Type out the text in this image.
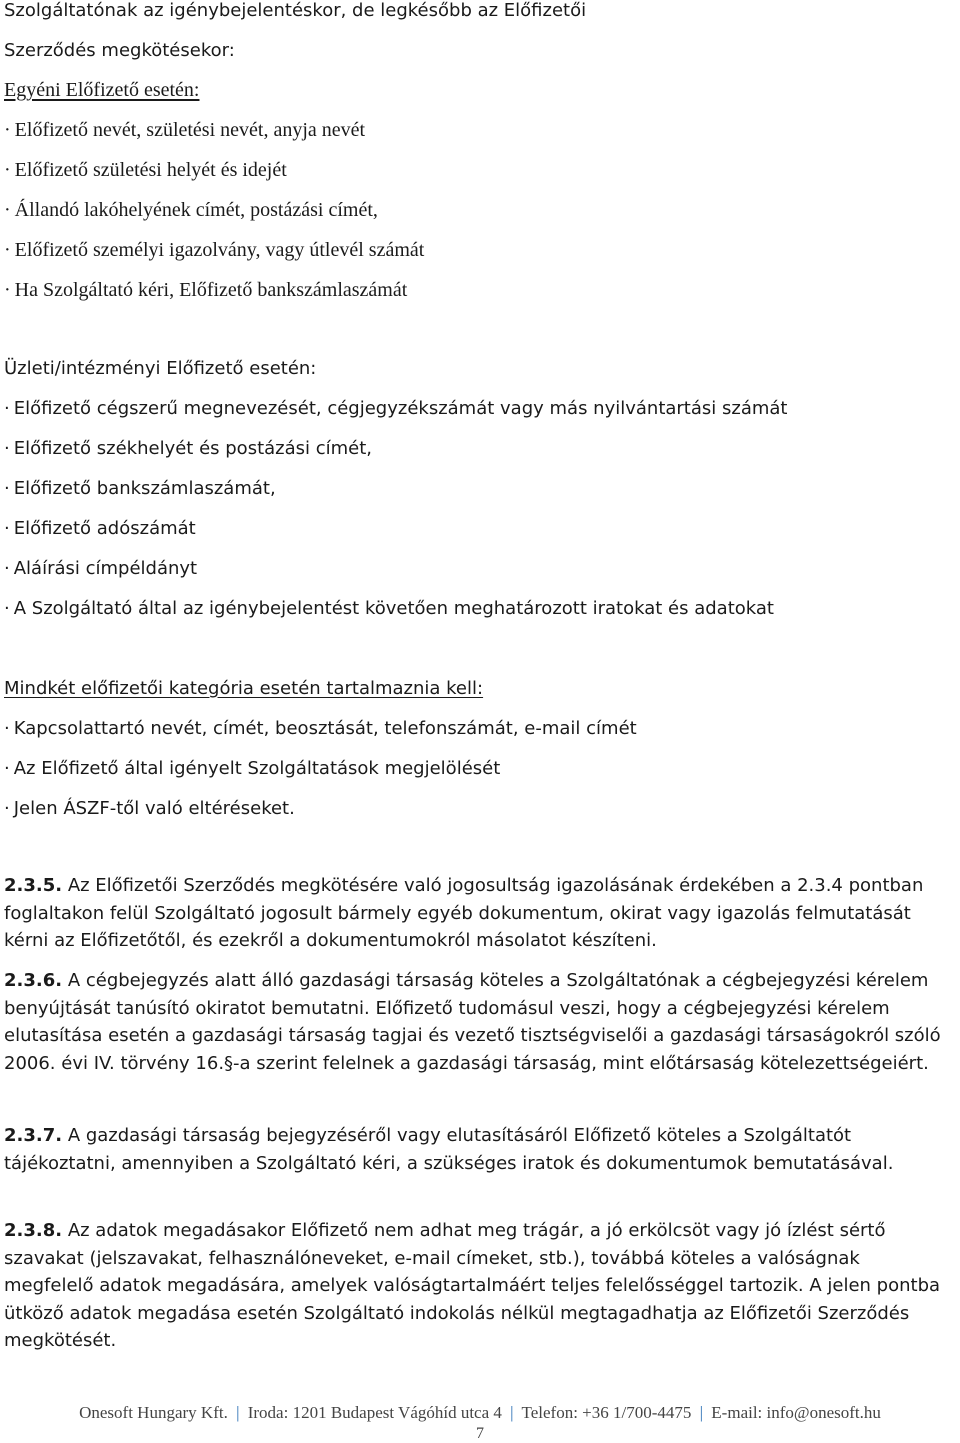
Szolgáltatónak az igénybejelentéskor, de legkésőbb az Előfizetői
Szerződés megkötésekor:
Egyéni Előfizető esetén:
· Előfizető nevét, születési nevét, anyja nevét
· Előfizető születési helyét és idejét
· Állandó lakóhelyének címét, postázási címét,
· Előfizető személyi igazolvány, vagy útlevél számát
· Ha Szolgáltató kéri, Előfizető bankszámlaszámát
Üzleti/intézményi Előfizető esetén:
· Előfizető cégszerű megnevezését, cégjegyzékszámát vagy más nyilvántartási számát
· Előfizető székhelyét és postázási címét,
· Előfizető bankszámlaszámát,
· Előfizető adószámát
· Aláírási címpéldányt
· A Szolgáltató által az igénybejelentést követően meghatározott iratokat és adatokat
Mindkét előfizetői kategória esetén tartalmaznia kell:
· Kapcsolattartó nevét, címét, beosztását, telefonszámát, e-mail címét
· Az Előfizető által igényelt Szolgáltatások megjelölését
· Jelen ÁSZF-től való eltéréseket.
2.3.5. Az Előfizetői Szerződés megkötésére való jogosultság igazolásának érdekében a 2.3.4 pontban foglaltakon felül Szolgáltató jogosult bármely egyéb dokumentum, okirat vagy igazolás felmutatását kérni az Előfizetőtől, és ezekről a dokumentumokról másolatot készíteni.
2.3.6. A cégbejegyzés alatt álló gazdasági társaság köteles a Szolgáltatónak a cégbejegyzési kérelem benyújtását tanúsító okiratot bemutatni. Előfizető tudomásul veszi, hogy a cégbejegyzési kérelem elutasítása esetén a gazdasági társaság tagjai és vezető tisztségviselői a gazdasági társaságokról szóló 2006. évi IV. törvény 16.§-a szerint felelnek a gazdasági társaság, mint előtársaság kötelezettségeiért.
2.3.7. A gazdasági társaság bejegyzéséről vagy elutasításáról Előfizető köteles a Szolgáltatót tájékoztatni, amennyiben a Szolgáltató kéri, a szükséges iratok és dokumentumok bemutatásával.
2.3.8. Az adatok megadásakor Előfizető nem adhat meg trágár, a jó erkölcsöt vagy jó ízlést sértő szavakat (jelszavakat, felhasználóneveket, e-mail címeket, stb.), továbbá köteles a valóságnak megfelelő adatok megadására, amelyek valóságtartalmáért teljes felelősséggel tartozik. A jelen pontba ütköző adatok megadása esetén Szolgáltató indokolás nélkül megtagadhatja az Előfizetői Szerződés megkötését.
Onesoft Hungary Kft. | Iroda: 1201 Budapest Vágóhíd utca 4 | Telefon: +36 1/700-4475 | E-mail: info@onesoft.hu
7
